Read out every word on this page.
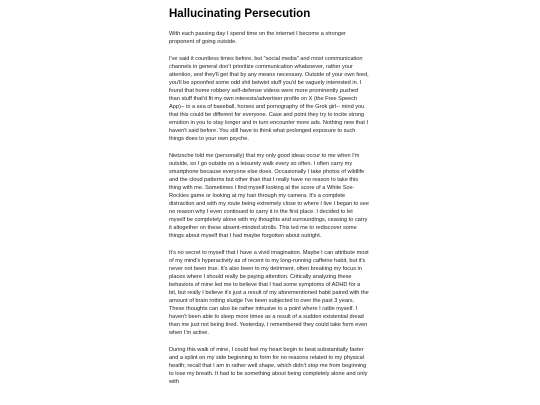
Hallucinating Persecution

With each passing day I spend time on the internet I become a stronger proponent of going outside.

I've said it countless times before, but "social media" and most communication channels in general don't prioritize communication whatsoever, rather your attention, and they'll get that by any means necessary. Outside of your own feed, you'll be spoonfed some odd shit betwixt stuff you'd be vaguely interested in. I found that home robbery self-defense videos were more prominently pushed than stuff that'd fit my own interests/advertiser profile on X (the Free Speech App)-- in a sea of baseball, horses and pornography of the Grok girl-- mind you that this could be different for everyone. Case and point they try to incite strong emotion in you to stay longer and in turn encounter more ads. Nothing new that I haven't said before. You still have to think what prolonged exposure to such things does to your own psyche.

Nietzsche told me (personally) that my only good ideas occur to me when I'm outside, so I go outside on a leisurely walk every so often. I often carry my smartphone because everyone else does. Occasionally I take photos of wildlife and the cloud patterns but other than that I really have no reason to take this thing with me. Sometimes I find myself looking at the score of a White Sox-Rockies game or looking at my hair through my camera. It's a complete distraction and with my route being extremely close to where I live I began to see no reason why I even continued to carry it in the first place. I decided to let myself be completely alone with my thoughts and surroundings, ceasing to carry it altogether on these absent-minded strolls. This led me to rediscover some things about myself that I had maybe forgotten about outright.

It's no secret to myself that I have a vivid imagination. Maybe I can attribute most of my mind's hyperactivity as of recent to my long-running caffeine habit, but it's never not been true. It's also been to my detriment, often breaking my focus in places where I should really be paying attention. Critically analyzing these behaviors of mine led me to believe that I had some symptoms of ADHD for a bit, but really I believe it's just a result of my aforementioned habit paired with the amount of brain rotting sludge I've been subjected to over the past 3 years. These thoughts can also be rather intrusive to a point where I rattle myself. I haven't been able to sleep more times as a result of a sudden existential dread than me just not being tired. Yesterday, I remembered they could take form even when I'm active.

During this walk of mine, I could feel my heart begin to beat substantially faster and a splint on my side beginning to form for no reasons related to my physical health; recall that I am in rather well shape, which didn't stop me from beginning to lose my breath. It had to be something about being completely alone and only with
